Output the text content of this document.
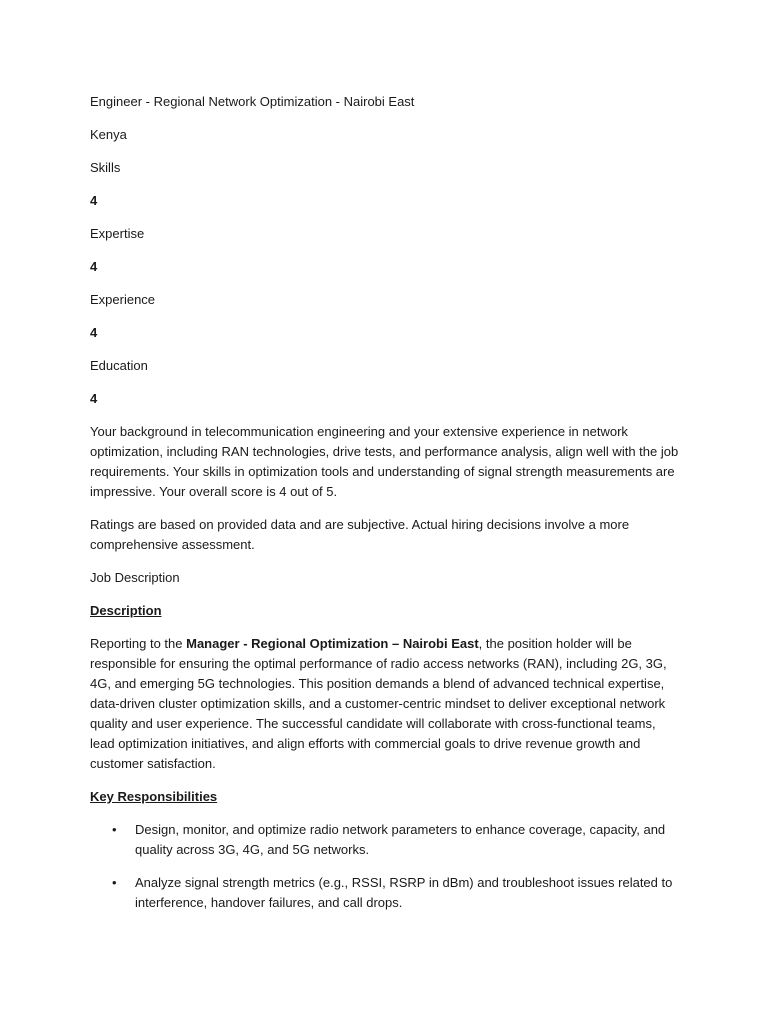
Engineer - Regional Network Optimization - Nairobi East

Kenya

Skills

4

Expertise

4

Experience

4

Education

4

Your background in telecommunication engineering and your extensive experience in network optimization, including RAN technologies, drive tests, and performance analysis, align well with the job requirements. Your skills in optimization tools and understanding of signal strength measurements are impressive. Your overall score is 4 out of 5.

Ratings are based on provided data and are subjective. Actual hiring decisions involve a more comprehensive assessment.

Job Description

Description

Reporting to the Manager - Regional Optimization – Nairobi East, the position holder will be responsible for ensuring the optimal performance of radio access networks (RAN), including 2G, 3G, 4G, and emerging 5G technologies. This position demands a blend of advanced technical expertise, data-driven cluster optimization skills, and a customer-centric mindset to deliver exceptional network quality and user experience. The successful candidate will collaborate with cross-functional teams, lead optimization initiatives, and align efforts with commercial goals to drive revenue growth and customer satisfaction.

Key Responsibilities

• Design, monitor, and optimize radio network parameters to enhance coverage, capacity, and quality across 3G, 4G, and 5G networks.
• Analyze signal strength metrics (e.g., RSSI, RSRP in dBm) and troubleshoot issues related to interference, handover failures, and call drops.
